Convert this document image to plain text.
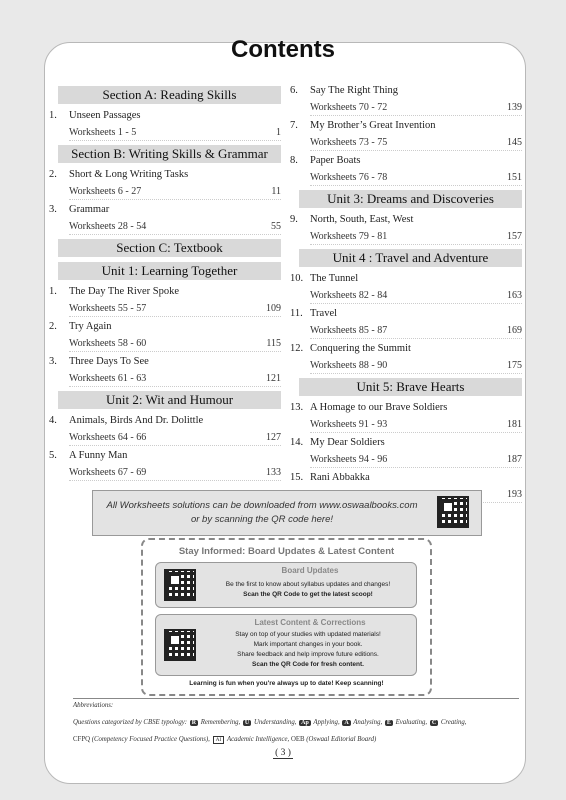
Contents
Section A: Reading Skills
1.	Unseen Passages
Worksheets 1 - 5	1
Section B: Writing Skills & Grammar
2.	Short & Long Writing Tasks
Worksheets 6 - 27	11
3.	Grammar
Worksheets 28 - 54	55
Section C: Textbook
Unit 1: Learning Together
1.	The Day The River Spoke
Worksheets 55 - 57	109
2.	Try Again
Worksheets 58 - 60	115
3.	Three Days To See
Worksheets 61 - 63	121
Unit 2: Wit and Humour
4.	Animals, Birds And Dr. Dolittle
Worksheets 64 - 66	127
5.	A Funny Man
Worksheets 67 - 69	133
6.	Say The Right Thing
Worksheets 70 - 72	139
7.	My Brother’s Great Invention
Worksheets 73 - 75	145
8.	Paper Boats
Worksheets 76 - 78	151
Unit 3: Dreams and Discoveries
9.	North, South, East, West
Worksheets 79 - 81	157
Unit 4 : Travel and Adventure
10. The Tunnel
Worksheets 82 - 84	163
11. Travel
Worksheets 85 - 87	169
12. Conquering the Summit
Worksheets 88 - 90	175
Unit 5: Brave Hearts
13. A Homage to our Brave Soldiers
Worksheets 91 - 93	181
14. My Dear Soldiers
Worksheets 94 - 96	187
15. Rani Abbakka
193
All Worksheets solutions can be downloaded from www.oswaalbooks.com
or by scanning the QR code here!
Stay Informed: Board Updates & Latest Content
Board Updates
Be the first to know about syllabus updates and changes!
Scan the QR Code to get the latest scoop!
Latest Content & Corrections
Stay on top of your studies with updated materials!
Mark important changes in your book.
Share feedback and help improve future editions.
Scan the QR Code for fresh content.
Learning is fun when you're always up to date! Keep scanning!
Abbreviations:
Questions categorized by CBSE typology: R Remembering, U Understanding, Ap Applying, A Analysing, E Evaluating, C Creating,
CFPQ (Competency Focused Practice Questions), AI Academic Intelligence, OEB (Oswaal Editorial Board)
( 3 )
